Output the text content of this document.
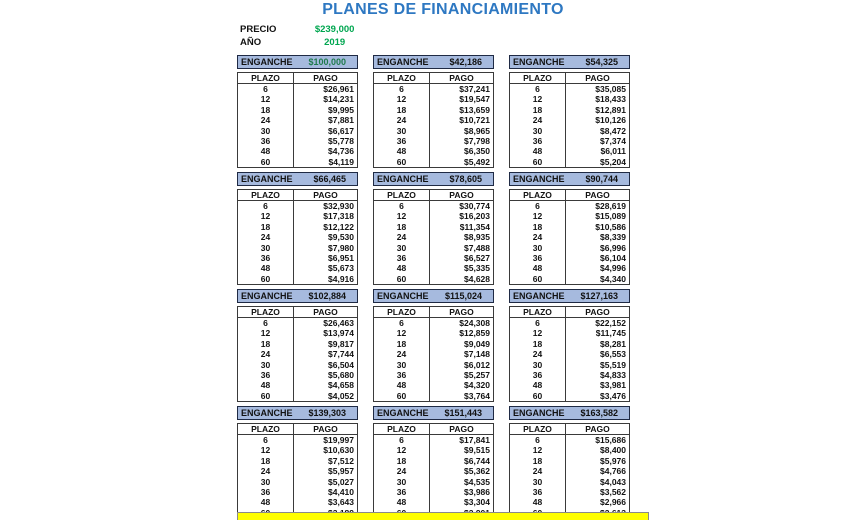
PLANES DE FINANCIAMIENTO
PRECIO	$239,000
AÑO	2019
ENGANCHE $100,000
PLAZO	PAGO
6	$26,961
12	$14,231
18	$9,995
24	$7,881
30	$6,617
36	$5,778
48	$4,736
60	$4,119
ENGANCHE $42,186
PLAZO	PAGO
6	$37,241
12	$19,547
18	$13,659
24	$10,721
30	$8,965
36	$7,798
48	$6,350
60	$5,492
ENGANCHE $54,325
PLAZO	PAGO
6	$35,085
12	$18,433
18	$12,891
24	$10,126
30	$8,472
36	$7,374
48	$6,011
60	$5,204
ENGANCHE $66,465
PLAZO	PAGO
6	$32,930
12	$17,318
18	$12,122
24	$9,530
30	$7,980
36	$6,951
48	$5,673
60	$4,916
ENGANCHE $78,605
PLAZO	PAGO
6	$30,774
12	$16,203
18	$11,354
24	$8,935
30	$7,488
36	$6,527
48	$5,335
60	$4,628
ENGANCHE $90,744
PLAZO	PAGO
6	$28,619
12	$15,089
18	$10,586
24	$8,339
30	$6,996
36	$6,104
48	$4,996
60	$4,340
ENGANCHE $102,884
PLAZO	PAGO
6	$26,463
12	$13,974
18	$9,817
24	$7,744
30	$6,504
36	$5,680
48	$4,658
60	$4,052
ENGANCHE $115,024
PLAZO	PAGO
6	$24,308
12	$12,859
18	$9,049
24	$7,148
30	$6,012
36	$5,257
48	$4,320
60	$3,764
ENGANCHE $127,163
PLAZO	PAGO
6	$22,152
12	$11,745
18	$8,281
24	$6,553
30	$5,519
36	$4,833
48	$3,981
60	$3,476
ENGANCHE $139,303
PLAZO	PAGO
6	$19,997
12	$10,630
18	$7,512
24	$5,957
30	$5,027
36	$4,410
48	$3,643
ENGANCHE $151,443
PLAZO	PAGO
6	$17,841
12	$9,515
18	$6,744
24	$5,362
30	$4,535
36	$3,986
48	$3,304
ENGANCHE $163,582
PLAZO	PAGO
6	$15,686
12	$8,400
18	$5,976
24	$4,766
30	$4,043
36	$3,562
48	$2,966
